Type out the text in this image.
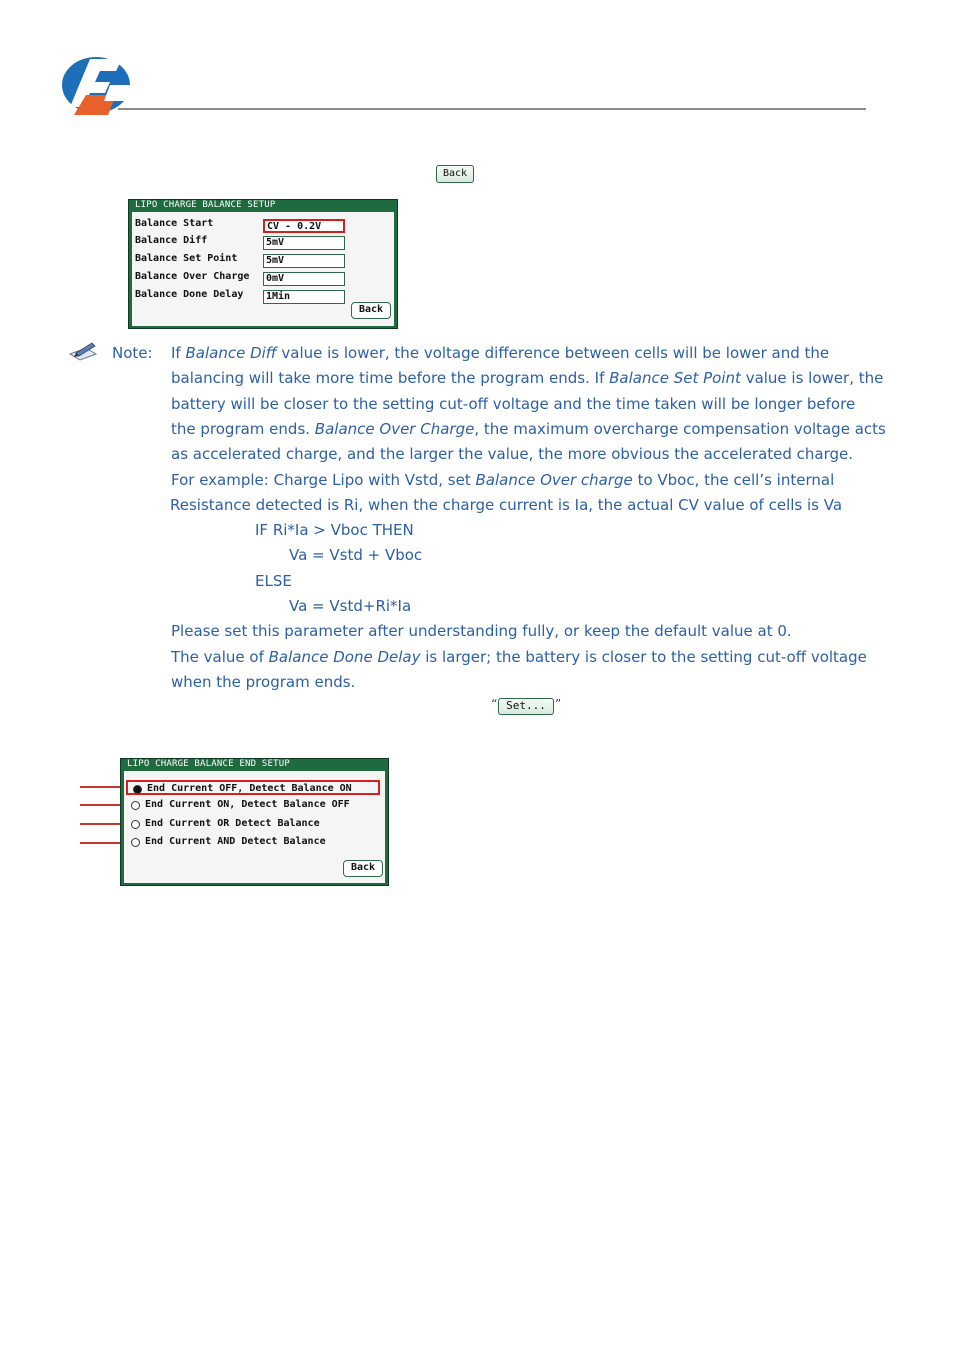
Back
LIPO CHARGE BALANCE SETUP
Balance Start	CV - 0.2V
Balance Diff	5mV
Balance Set Point	5mV
Balance Over Charge	0mV
Balance Done Delay	1Min
Back
Note: If Balance Diff value is lower, the voltage difference between cells will be lower and the
balancing will take more time before the program ends. If Balance Set Point value is lower, the
battery will be closer to the setting cut-off voltage and the time taken will be longer before
the program ends. Balance Over Charge, the maximum overcharge compensation voltage acts
as accelerated charge, and the larger the value, the more obvious the accelerated charge.
For example: Charge Lipo with Vstd, set Balance Over charge to Vboc, the cell’s internal
Resistance detected is Ri, when the charge current is Ia, the actual CV value of cells is Va
IF Ri*Ia > Vboc THEN
Va = Vstd + Vboc
ELSE
Va = Vstd+Ri*Ia
Please set this parameter after understanding fully, or keep the default value at 0.
The value of Balance Done Delay is larger; the battery is closer to the setting cut-off voltage
when the program ends.
“ Set... ”
LIPO CHARGE BALANCE END SETUP
End Current OFF, Detect Balance ON
End Current ON, Detect Balance OFF
End Current OR Detect Balance
End Current AND Detect Balance
Back
